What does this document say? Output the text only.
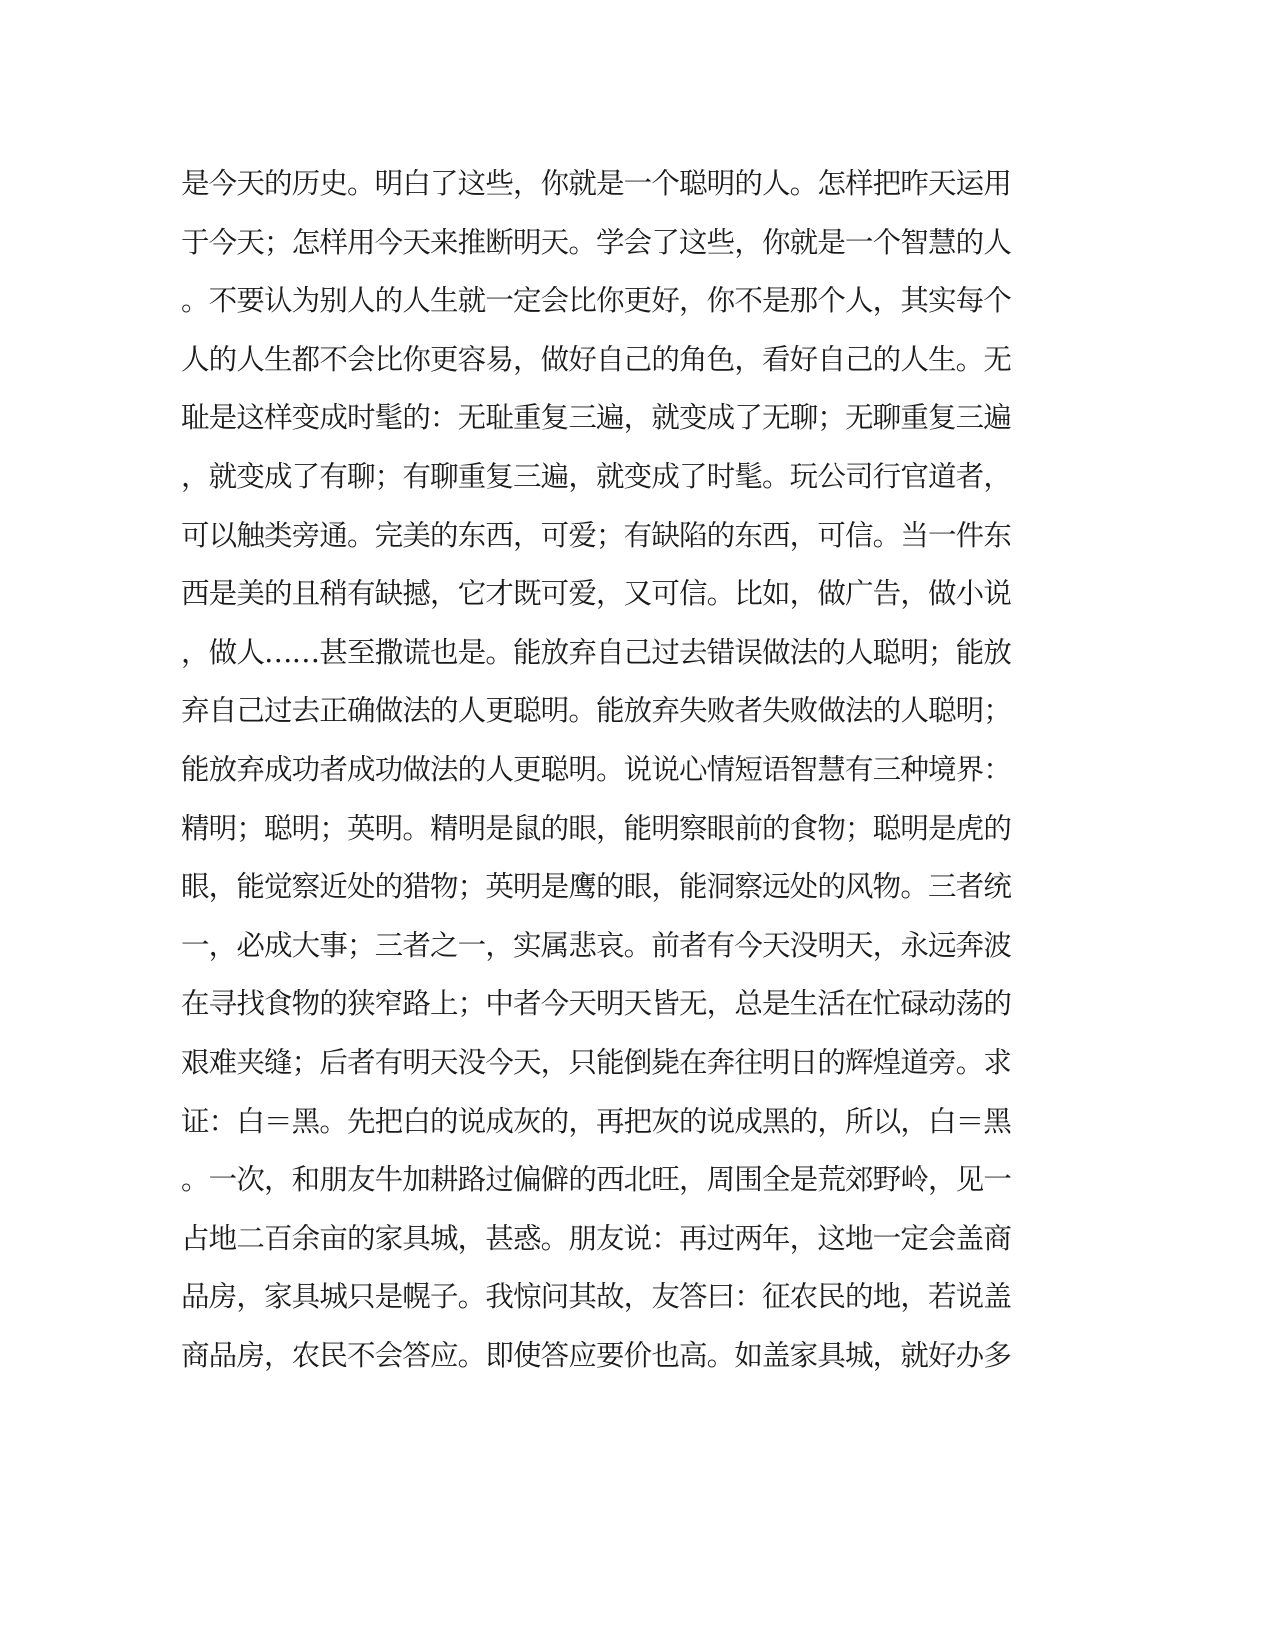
是今天的历史。明白了这些，你就是一个聪明的人。怎样把昨天运用
于今天；怎样用今天来推断明天。学会了这些，你就是一个智慧的人
。不要认为别人的人生就一定会比你更好，你不是那个人，其实每个
人的人生都不会比你更容易，做好自己的角色，看好自己的人生。无
耻是这样变成时髦的：无耻重复三遍，就变成了无聊；无聊重复三遍
，就变成了有聊；有聊重复三遍，就变成了时髦。玩公司行官道者，
可以触类旁通。完美的东西，可爱；有缺陷的东西，可信。当一件东
西是美的且稍有缺撼，它才既可爱，又可信。比如，做广告，做小说
，做人……甚至撒谎也是。能放弃自己过去错误做法的人聪明；能放
弃自己过去正确做法的人更聪明。能放弃失败者失败做法的人聪明；
能放弃成功者成功做法的人更聪明。说说心情短语智慧有三种境界：
精明；聪明；英明。精明是鼠的眼，能明察眼前的食物；聪明是虎的
眼，能觉察近处的猎物；英明是鹰的眼，能洞察远处的风物。三者统
一，必成大事；三者之一，实属悲哀。前者有今天没明天，永远奔波
在寻找食物的狭窄路上；中者今天明天皆无，总是生活在忙碌动荡的
艰难夹缝；后者有明天没今天，只能倒毙在奔往明日的辉煌道旁。求
证：白＝黑。先把白的说成灰的，再把灰的说成黑的，所以，白＝黑
。一次，和朋友牛加耕路过偏僻的西北旺，周围全是荒郊野岭，见一
占地二百余亩的家具城，甚惑。朋友说：再过两年，这地一定会盖商
品房，家具城只是幌子。我惊问其故，友答曰：征农民的地，若说盖
商品房，农民不会答应。即使答应要价也高。如盖家具城，就好办多
